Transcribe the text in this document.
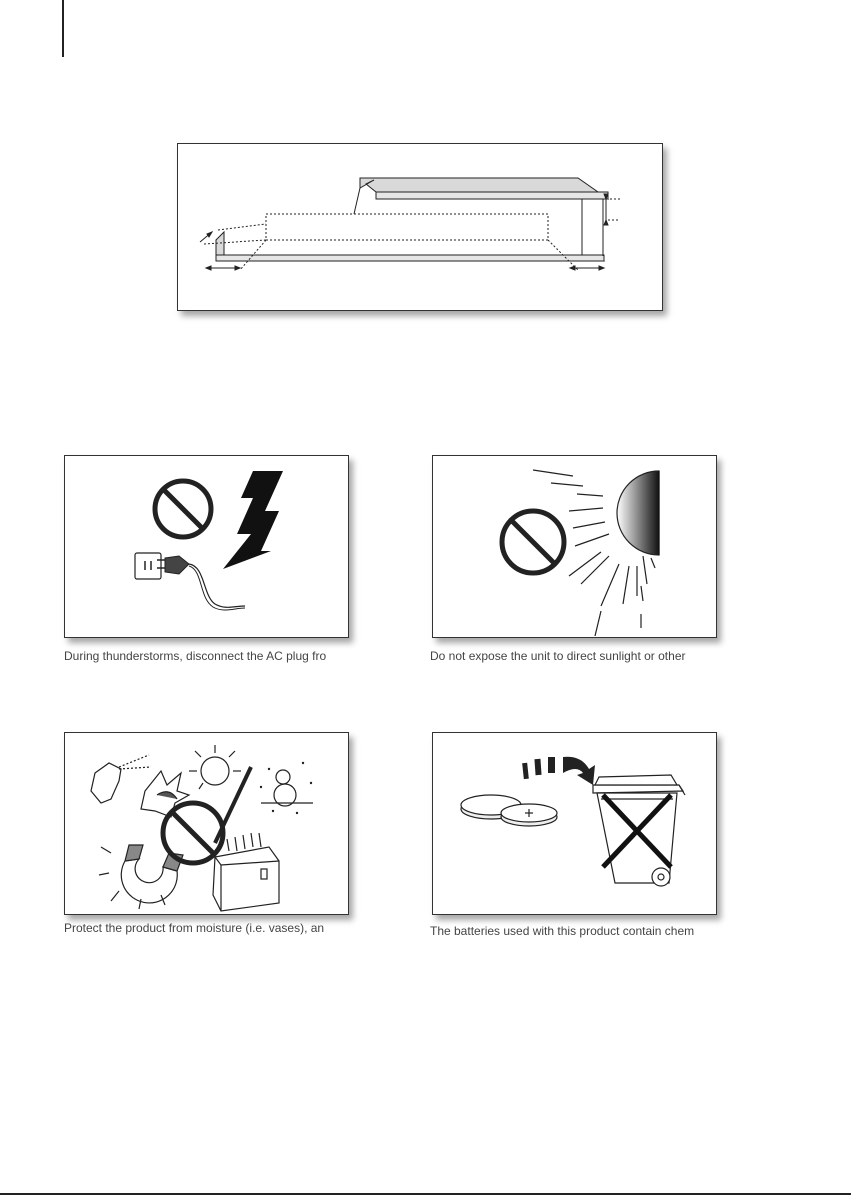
During thunderstorms, disconnect the AC plug fro	Do not expose the unit to direct sunlight or other
Protect the product from moisture (i.e. vases), an	The batteries used with this product contain chem
